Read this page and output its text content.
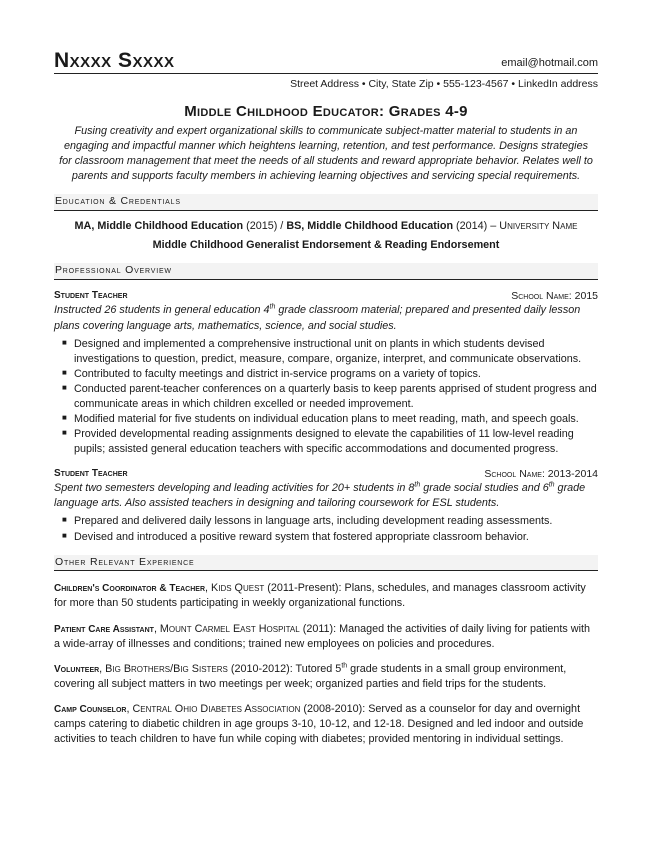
Nxxxx Sxxxx	email@hotmail.com
Street Address • City, State Zip • 555-123-4567 • LinkedIn address
Middle Childhood Educator: Grades 4-9
Fusing creativity and expert organizational skills to communicate subject-matter material to students in an engaging and impactful manner which heightens learning, retention, and test performance. Designs strategies for classroom management that meet the needs of all students and reward appropriate behavior. Relates well to parents and supports faculty members in achieving learning objectives and servicing special requirements.
Education & Credentials
MA, Middle Childhood Education (2015) / BS, Middle Childhood Education (2014) – University Name
Middle Childhood Generalist Endorsement & Reading Endorsement
Professional Overview
Student Teacher	School Name: 2015
Instructed 26 students in general education 4th grade classroom material; prepared and presented daily lesson plans covering language arts, mathematics, science, and social studies.
■ Designed and implemented a comprehensive instructional unit on plants in which students devised investigations to question, predict, measure, compare, organize, interpret, and communicate observations.
■ Contributed to faculty meetings and district in-service programs on a variety of topics.
■ Conducted parent-teacher conferences on a quarterly basis to keep parents apprised of student progress and communicate areas in which children excelled or needed improvement.
■ Modified material for five students on individual education plans to meet reading, math, and speech goals.
■ Provided developmental reading assignments designed to elevate the capabilities of 11 low-level reading pupils; assisted general education teachers with specific accommodations and documented progress.
Student Teacher	School Name: 2013-2014
Spent two semesters developing and leading activities for 20+ students in 8th grade social studies and 6th grade language arts. Also assisted teachers in designing and tailoring coursework for ESL students.
■ Prepared and delivered daily lessons in language arts, including development reading assessments.
■ Devised and introduced a positive reward system that fostered appropriate classroom behavior.
Other Relevant Experience
Children's Coordinator & Teacher, Kids Quest (2011-Present): Plans, schedules, and manages classroom activity for more than 50 students participating in weekly organizational functions.
Patient Care Assistant, Mount Carmel East Hospital (2011): Managed the activities of daily living for patients with a wide-array of illnesses and conditions; trained new employees on policies and procedures.
Volunteer, Big Brothers/Big Sisters (2010-2012): Tutored 5th grade students in a small group environment, covering all subject matters in two meetings per week; organized parties and field trips for the students.
Camp Counselor, Central Ohio Diabetes Association (2008-2010): Served as a counselor for day and overnight camps catering to diabetic children in age groups 3-10, 10-12, and 12-18. Designed and led indoor and outside activities to teach children to have fun while coping with diabetes; provided mentoring in individual settings.
